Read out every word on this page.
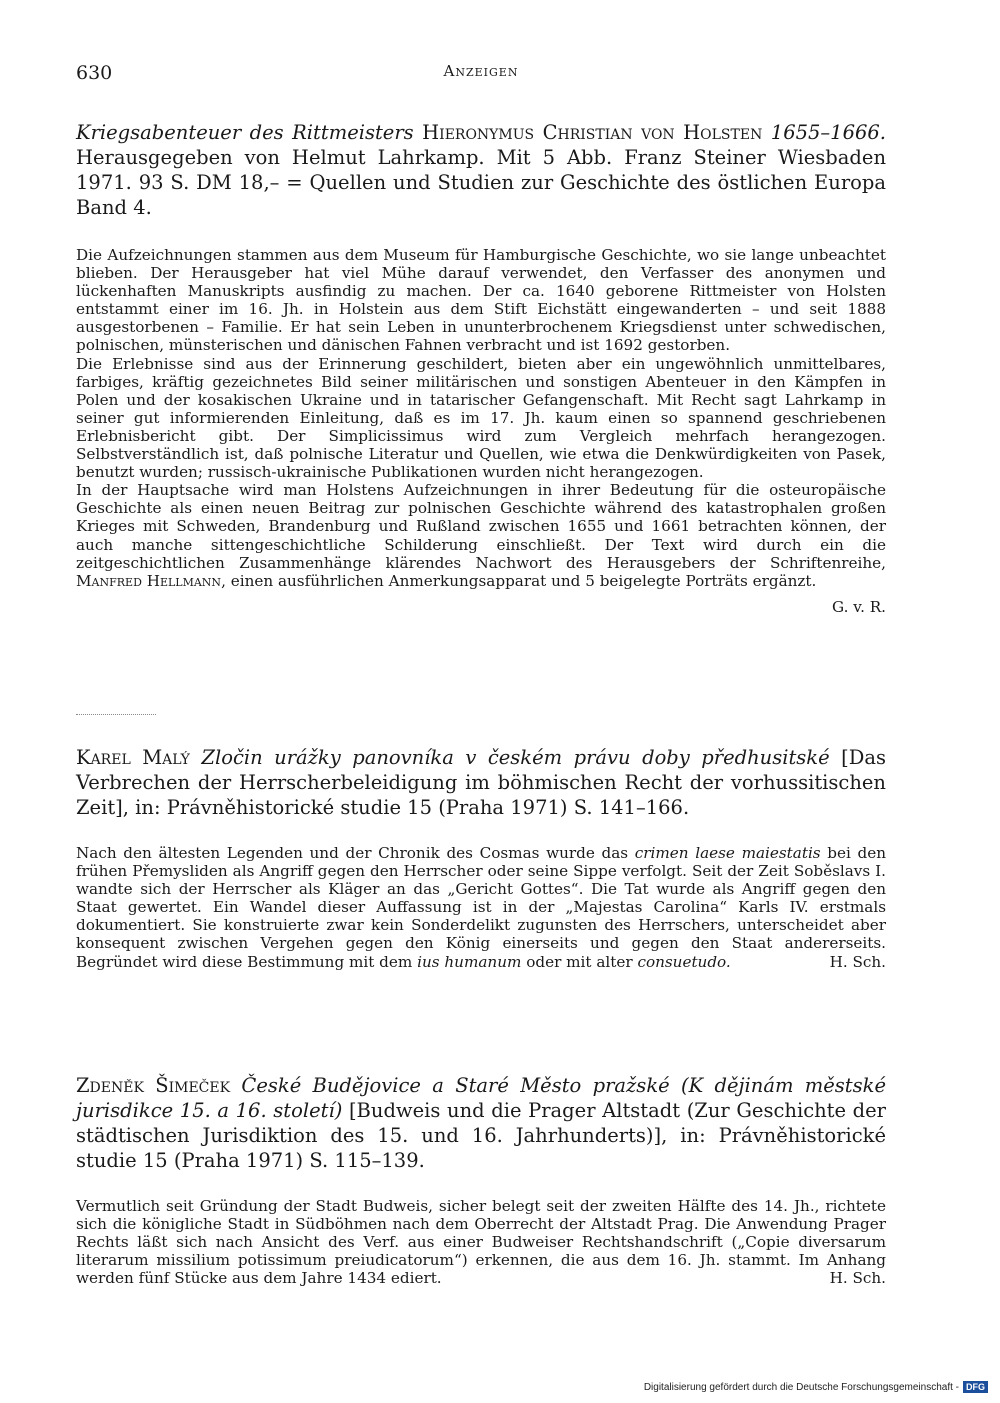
630	Anzeigen
Kriegsabenteuer des Rittmeisters Hieronymus Christian von Holsten 1655–1666. Herausgegeben von Helmut Lahrkamp. Mit 5 Abb. Franz Steiner Wiesbaden 1971. 93 S. DM 18,– = Quellen und Studien zur Geschichte des östlichen Europa Band 4.

Die Aufzeichnungen stammen aus dem Museum für Hamburgische Geschichte, wo sie lange unbeachtet blieben. Der Herausgeber hat viel Mühe darauf verwendet, den Verfasser des anonymen und lückenhaften Manuskripts ausfindig zu machen. Der ca. 1640 geborene Rittmeister von Holsten entstammt einer im 16. Jh. in Holstein aus dem Stift Eichstätt eingewanderten – und seit 1888 ausgestorbenen – Familie. Er hat sein Leben in ununterbrochenem Kriegsdienst unter schwedischen, polnischen, münsterischen und dänischen Fahnen verbracht und ist 1692 gestorben.

Die Erlebnisse sind aus der Erinnerung geschildert, bieten aber ein ungewöhnlich unmittelbares, farbiges, kräftig gezeichnetes Bild seiner militärischen und sonstigen Abenteuer in den Kämpfen in Polen und der kosakischen Ukraine und in tatarischer Gefangenschaft. Mit Recht sagt Lahrkamp in seiner gut informierenden Einleitung, daß es im 17. Jh. kaum einen so spannend geschriebenen Erlebnisbericht gibt. Der Simplicissimus wird zum Vergleich mehrfach herangezogen. Selbstverständlich ist, daß polnische Literatur und Quellen, wie etwa die Denkwürdigkeiten von Pasek, benutzt wurden; russisch-ukrainische Publikationen wurden nicht herangezogen.

In der Hauptsache wird man Holstens Aufzeichnungen in ihrer Bedeutung für die osteuropäische Geschichte als einen neuen Beitrag zur polnischen Geschichte während des katastrophalen großen Krieges mit Schweden, Brandenburg und Rußland zwischen 1655 und 1661 betrachten können, der auch manche sittengeschichtliche Schilderung einschließt. Der Text wird durch ein die zeitgeschichtlichen Zusammenhänge klärendes Nachwort des Herausgebers der Schriftenreihe, Manfred Hellmann, einen ausführlichen Anmerkungsapparat und 5 beigelegte Porträts ergänzt.

G. v. R.
Karel Malý Zločin urážky panovníka v českém právu doby předhusitské [Das Verbrechen der Herrscherbeleidigung im böhmischen Recht der vorhussitischen Zeit], in: Právněhistorické studie 15 (Praha 1971) S. 141–166.

Nach den ältesten Legenden und der Chronik des Cosmas wurde das crimen laese maiestatis bei den frühen Přemysliden als Angriff gegen den Herrscher oder seine Sippe verfolgt. Seit der Zeit Soběslavs I. wandte sich der Herrscher als Kläger an das „Gericht Gottes“. Die Tat wurde als Angriff gegen den Staat gewertet. Ein Wandel dieser Auffassung ist in der „Majestas Carolina“ Karls IV. erstmals dokumentiert. Sie konstruierte zwar kein Sonderdelikt zugunsten des Herrschers, unterscheidet aber konsequent zwischen Vergehen gegen den König einerseits und gegen den Staat andererseits. Begründet wird diese Bestimmung mit dem ius humanum oder mit alter consuetudo.	H. Sch.

Zdeněk Šimeček České Budějovice a Staré Město pražské (K dějinám městské jurisdikce 15. a 16. století) [Budweis und die Prager Altstadt (Zur Geschichte der städtischen Jurisdiktion des 15. und 16. Jahrhunderts)], in: Právněhistorické studie 15 (Praha 1971) S. 115–139.

Vermutlich seit Gründung der Stadt Budweis, sicher belegt seit der zweiten Hälfte des 14. Jh., richtete sich die königliche Stadt in Südböhmen nach dem Oberrecht der Altstadt Prag. Die Anwendung Prager Rechts läßt sich nach Ansicht des Verf. aus einer Budweiser Rechtshandschrift („Copie diversarum literarum missilium potissimum preiudicatorum“) erkennen, die aus dem 16. Jh. stammt. Im Anhang werden fünf Stücke aus dem Jahre 1434 ediert.	H. Sch.

Digitalisierung gefördert durch die Deutsche Forschungsgemeinschaft - DFG
